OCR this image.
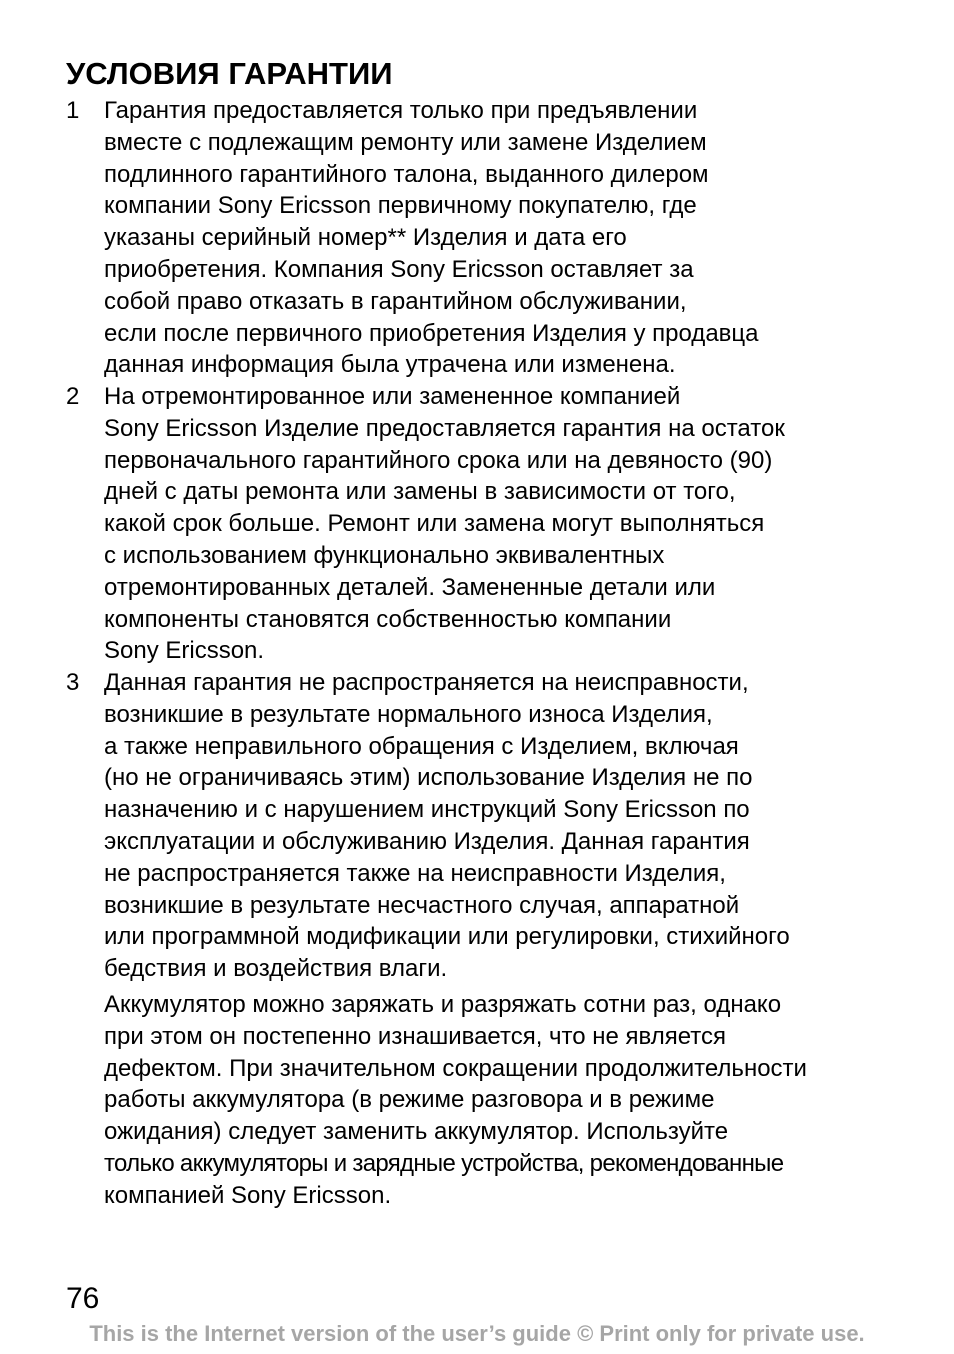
УСЛОВИЯ ГАРАНТИИ
1 Гарантия предоставляется только при предъявлении
вместе с подлежащим ремонту или замене Изделием
подлинного гарантийного талона, выданного дилером
компании Sony Ericsson первичному покупателю, где
указаны серийный номер** Изделия и дата его
приобретения. Компания Sony Ericsson оставляет за
собой право отказать в гарантийном обслуживании,
если после первичного приобретения Изделия у продавца
данная информация была утрачена или изменена.
2 На отремонтированное или замененное компанией
Sony Ericsson Изделие предоставляется гарантия на остаток
первоначального гарантийного срока или на девяносто (90)
дней с даты ремонта или замены в зависимости от того,
какой срок больше. Ремонт или замена могут выполняться
с использованием функционально эквивалентных
отремонтированных деталей. Замененные детали или
компоненты становятся собственностью компании
Sony Ericsson.
3 Данная гарантия не распространяется на неисправности,
возникшие в результате нормального износа Изделия,
а также неправильного обращения с Изделием, включая
(но не ограничиваясь этим) использование Изделия не по
назначению и с нарушением инструкций Sony Ericsson по
эксплуатации и обслуживанию Изделия. Данная гарантия
не распространяется также на неисправности Изделия,
возникшие в результате несчастного случая, аппаратной
или программной модификации или регулировки, стихийного
бедствия и воздействия влаги.
Аккумулятор можно заряжать и разряжать сотни раз, однако
при этом он постепенно изнашивается, что не является
дефектом. При значительном сокращении продолжительности
работы аккумулятора (в режиме разговора и в режиме
ожидания) следует заменить аккумулятор. Используйте
только аккумуляторы и зарядные устройства, рекомендованные
компанией Sony Ericsson.
76
This is the Internet version of the user’s guide © Print only for private use.
